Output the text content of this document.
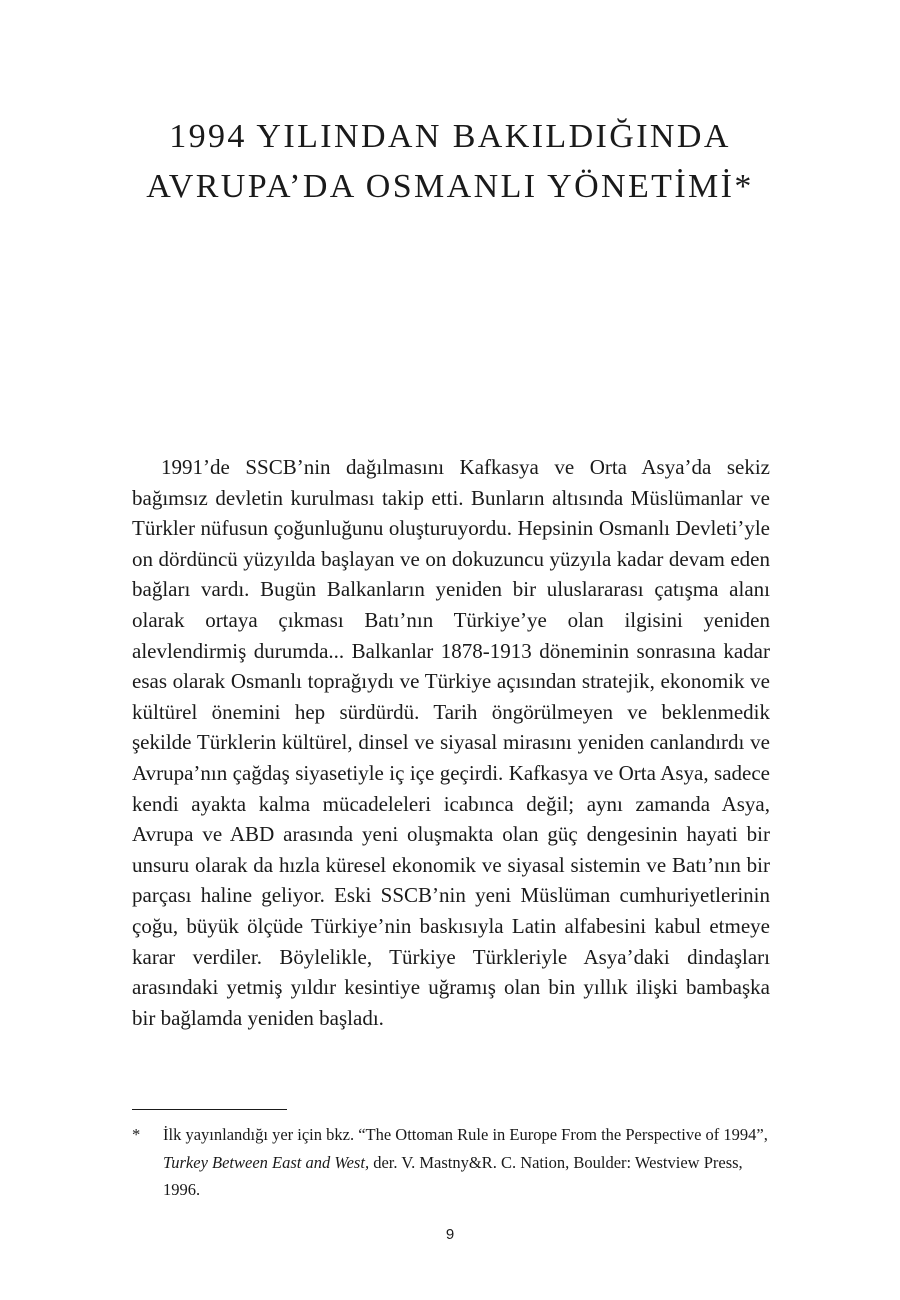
1994 YILINDAN BAKILDIĞINDA
AVRUPA’DA OSMANLI YÖNETİMİ*

1991’de SSCB’nin dağılmasını Kafkasya ve Orta Asya’da sekiz bağımsız devletin kurulması takip etti. Bunların altısında Müslümanlar ve Türkler nüfusun çoğunluğunu oluşturuyordu. Hepsinin Osmanlı Devleti’yle on dördüncü yüzyılda başlayan ve on dokuzuncu yüzyıla kadar devam eden bağları vardı. Bugün Balkanların yeniden bir uluslararası çatışma alanı olarak ortaya çıkması Batı’nın Türkiye’ye olan ilgisini yeniden alevlendirmiş durumda... Balkanlar 1878-1913 döneminin sonrasına kadar esas olarak Osmanlı toprağıydı ve Türkiye açısından stratejik, ekonomik ve kültürel önemini hep sürdürdü. Tarih öngörülmeyen ve beklenmedik şekilde Türklerin kültürel, dinsel ve siyasal mirasını yeniden canlandırdı ve Avrupa’nın çağdaş siyasetiyle iç içe geçirdi. Kafkasya ve Orta Asya, sadece kendi ayakta kalma mücadeleleri icabınca değil; aynı zamanda Asya, Avrupa ve ABD arasında yeni oluşmakta olan güç dengesinin hayati bir unsuru olarak da hızla küresel ekonomik ve siyasal sistemin ve Batı’nın bir parçası haline geliyor. Eski SSCB’nin yeni Müslüman cumhuriyetlerinin çoğu, büyük ölçüde Türkiye’nin baskısıyla Latin alfabesini kabul etmeye karar verdiler. Böylelikle, Türkiye Türkleriyle Asya’daki dindaşları arasındaki yetmiş yıldır kesintiye uğramış olan bin yıllık ilişki bambaşka bir bağlamda yeniden başladı.

* İlk yayınlandığı yer için bkz. “The Ottoman Rule in Europe From the Perspective of 1994”, Turkey Between East and West, der. V. Mastny&R. C. Nation, Boulder: Westview Press, 1996.
9
